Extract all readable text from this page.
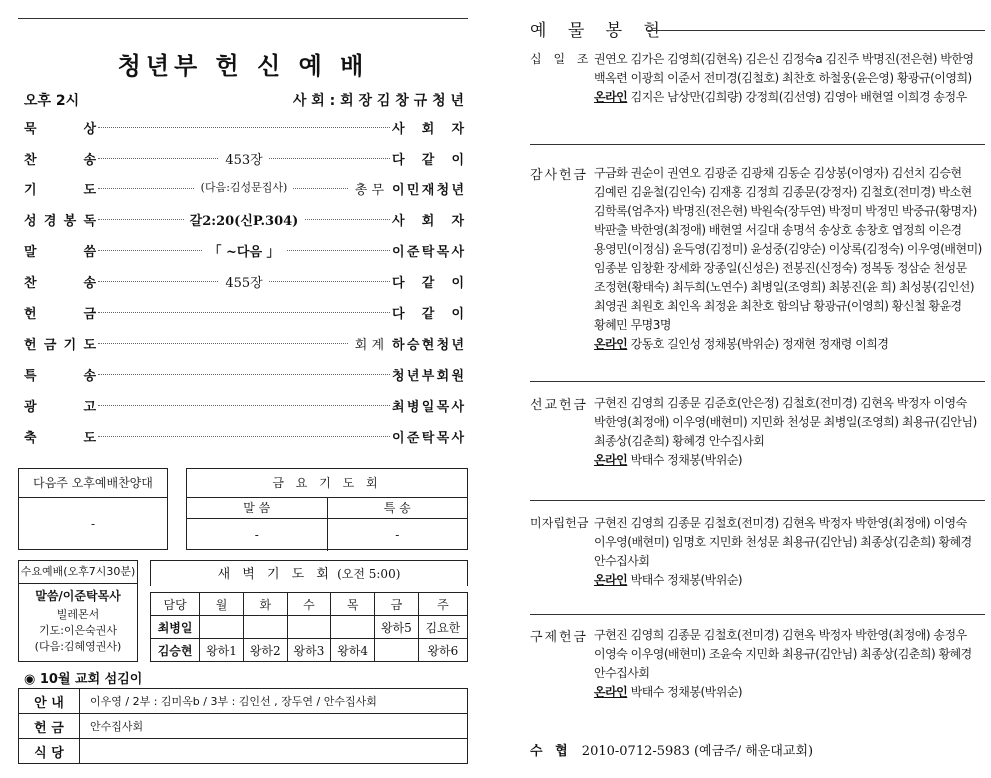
청년부 헌 신 예 배
오후 2시	사 회 : 회 장 김 창 규 청 년
묵	상	사 회 자
찬	송	453장	다 같 이
기	도	(다음:김성문집사)	총 무 이 민 재 청 년
성 경 봉 독	갈2:20(신P.304)	사 회 자
말	씀	「 ~다음 」	이 준 탁 목 사
찬	송	455장	다 같 이
헌	금	다 같 이
헌 금 기 도	회 계 하 승 현 청 년
특	송	청 년 부 회 원
광	고	최 병 일 목 사
축	도	이 준 탁 목 사
다음주 오후예배찬양대
-
금 요 기 도 회
말 씀	특 송
-	-
수요예배(오후7시30분)
말씀/이준탁목사
빌레몬서
기도:이은숙권사
(다음:김혜영권사)
새 벽 기 도 회 (오전 5:00)
담당	월	화	수	목	금	주
최병일					왕하5	김요한
김승현	왕하1	왕하2	왕하3	왕하4		왕하6
◉ 10월 교회 섬김이
안 내	이우영 / 2부 : 김미옥b / 3부 : 김인선 , 장두연 / 안수집사회
헌 금	안수집사회
식 당	
예 물 봉 헌
십 일 조 권연오 김가은 김영희(김현옥) 김은신 김정숙a 김진주 박명진(전은현) 박한영 백옥련 이광희 이준서 전미경(김철호) 최찬호 하철웅(윤은영) 황광규(이영희)
온라인 김지은 남상만(김희량) 강정희(김선영) 김영아 배현열 이희경 송정우
감 사 헌 금 구금화 권순이 권연오 김광준 김광채 김동순 김상봉(이영자) 김선치 김승현 김예린 김윤철(김인숙) 김재홍 김정희 김종문(강정자) 김철호(전미경) 박소현 김학록(엄추자) 박명진(전은현) 박원숙(장두연) 박정미 박정민 박중규(황명자) 박판출 박한영(최정애) 배현열 서길대 송명석 송상호 송창호 엽정희 이은경 용영민(이정심) 윤득영(김정미) 윤성중(김양순) 이상록(김정숙) 이우영(배현미) 임종분 임창환 장세화 장종일(신성은) 전봉진(신정숙) 정복동 정삼순 천성문 조정현(황태숙) 최두희(노연수) 최병일(조영희) 최봉진(윤 희) 최성봉(김인선) 최영권 최원호 최인옥 최정윤 최찬호 함의남 황광규(이영희) 황신철 황윤경 황혜민 무명3명
온라인 강동호 길인성 정채봉(박위순) 정재현 정재령 이희경
선 교 헌 금 구현진 김영희 김종문 김준호(안은정) 김철호(전미경) 김현옥 박정자 이영숙 박한영(최정애) 이우영(배현미) 지민화 천성문 최병일(조영희) 최용규(김안님) 최종상(김춘희) 황혜경 안수집사회
온라인 박태수 정채봉(박위순)
미 자 립 헌 금 구현진 김영희 김종문 김철호(전미경) 김현옥 박정자 박한영(최정애) 이영숙 이우영(배현미) 임명호 지민화 천성문 최용규(김안님) 최종상(김춘희) 황혜경 안수집사회
온라인 박태수 정채봉(박위순)
구 제 헌 금 구현진 김영희 김종문 김철호(전미경) 김현옥 박정자 박한영(최정애) 송정우 이영숙 이우영(배현미) 조윤숙 지민화 최용규(김안님) 최종상(김춘희) 황혜경 안수집사회
온라인 박태수 정채봉(박위순)
수 협 2010-0712-5983 (예금주/ 해운대교회)
